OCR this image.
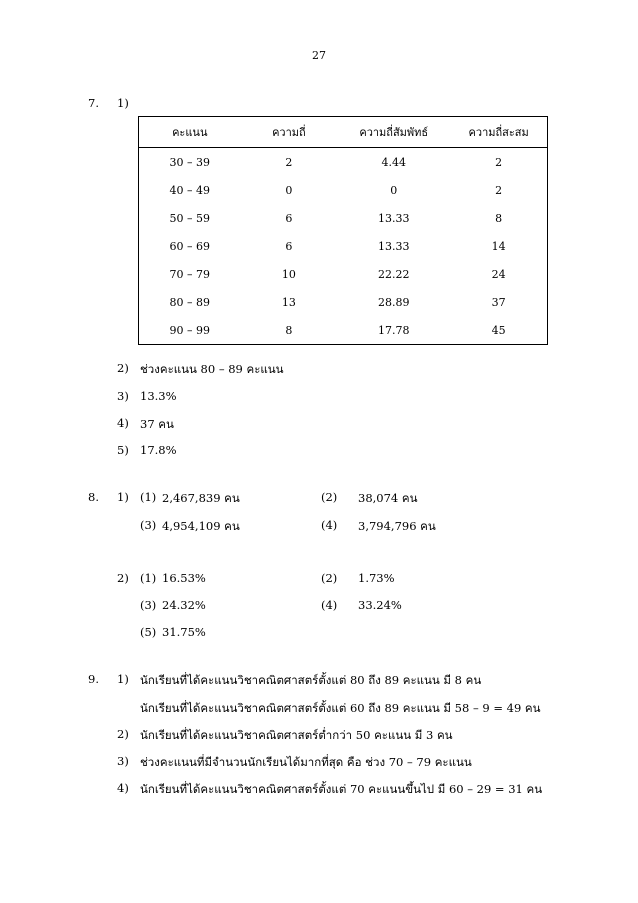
27
7. 1)
คะแนน	ความถี่	ความถี่สัมพัทธ์	ความถี่สะสม
30 – 39	2	4.44	2
40 – 49	0	0	2
50 – 59	6	13.33	8
60 – 69	6	13.33	14
70 – 79	10	22.22	24
80 – 89	13	28.89	37
90 – 99	8	17.78	45
2) ช่วงคะแนน 80 – 89 คะแนน
3) 13.3%
4) 37 คน
5) 17.8%
8. 1) (1) 2,467,839 คน	(2) 38,074 คน
(3) 4,954,109 คน	(4) 3,794,796 คน
2) (1) 16.53%	(2) 1.73%
(3) 24.32%	(4) 33.24%
(5) 31.75%
9. 1) นักเรียนที่ได้คะแนนวิชาคณิตศาสตร์ตั้งแต่ 80 ถึง 89 คะแนน มี 8 คน
นักเรียนที่ได้คะแนนวิชาคณิตศาสตร์ตั้งแต่ 60 ถึง 89 คะแนน มี 58 – 9 = 49 คน
2) นักเรียนที่ได้คะแนนวิชาคณิตศาสตร์ต่ำกว่า 50 คะแนน มี 3 คน
3) ช่วงคะแนนที่มีจำนวนนักเรียนได้มากที่สุด คือ ช่วง 70 – 79 คะแนน
4) นักเรียนที่ได้คะแนนวิชาคณิตศาสตร์ตั้งแต่ 70 คะแนนขึ้นไป มี 60 – 29 = 31 คน
